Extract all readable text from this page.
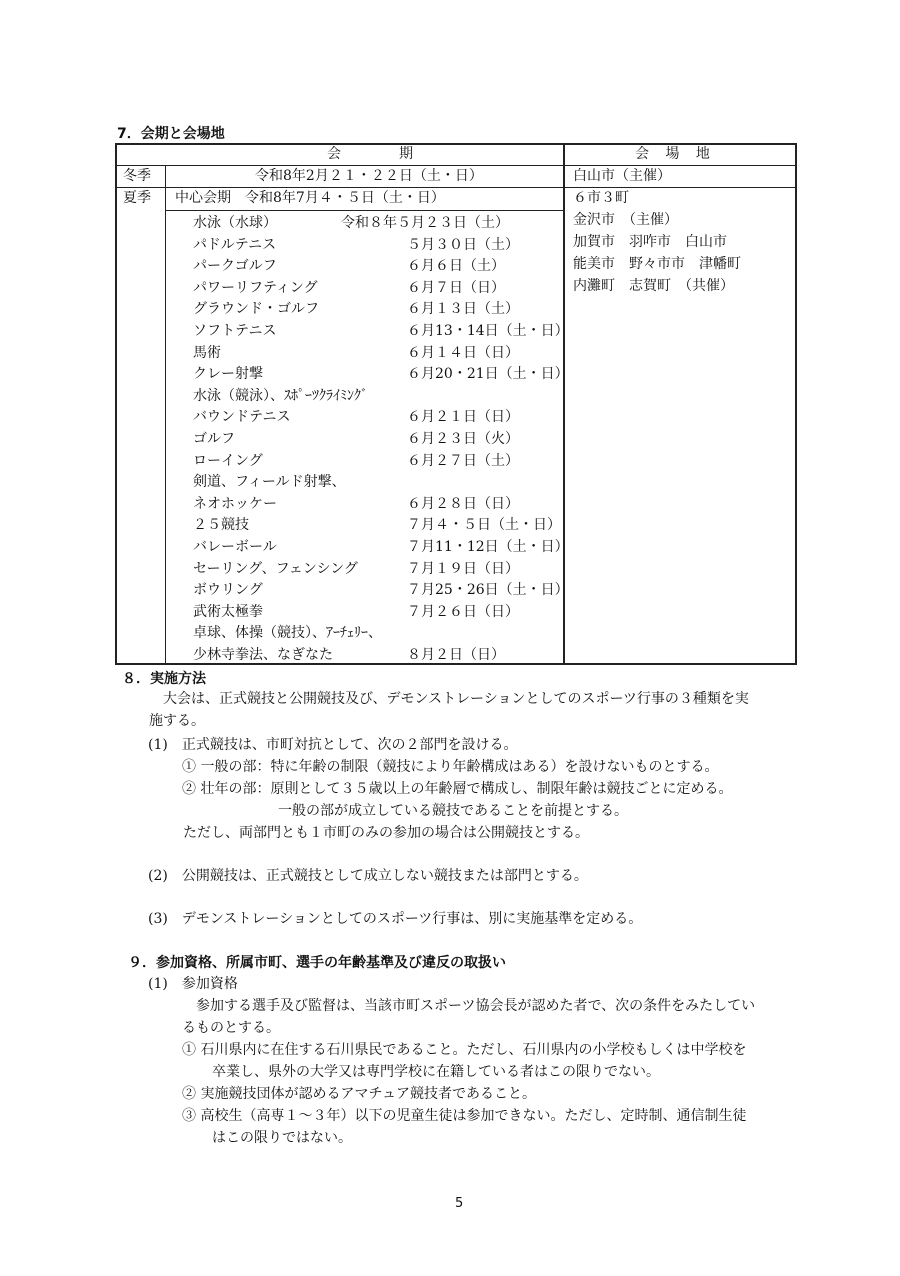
7．会期と会場地
会　期	会 場 地
冬季	令和8年2月２１・２２日（土・日）	白山市（主催）
夏季 中心会期　令和8年7月４・５日（土・日）	６市３町
金沢市　（主催）
加賀市　羽咋市　白山市
能美市　野々市市　津幡町
内灘町　志賀町　（共催）
水泳（水球）	令和８年５月２３日（土）
パドルテニス	５月３０日（土）
パークゴルフ	６月６日（土）
パワーリフティング	６月７日（日）
グラウンド・ゴルフ	６月１３日（土）
ソフトテニス	６月13・14日（土・日）
馬術	６月１４日（日）
クレー射撃	６月20・21日（土・日）
水泳（競泳）、ｽﾎﾟｰﾂｸﾗｲﾐﾝｸﾞ
バウンドテニス	６月２１日（日）
ゴルフ	６月２３日（火）
ローイング	６月２７日（土）
剣道、フィールド射撃、
ネオホッケー	６月２８日（日）
２５競技	７月４・５日（土・日）
バレーボール	７月11・12日（土・日）
セーリング、フェンシング	７月１９日（日）
ボウリング	７月25・26日（土・日）
武術太極拳	７月２６日（日）
卓球、体操（競技）、ｱｰﾁｪﾘｰ、
少林寺拳法、なぎなた	８月２日（日）
８．実施方法
大会は、正式競技と公開競技及び、デモンストレーションとしてのスポーツ行事の３種類を実
施する。
(1)　正式競技は、市町対抗として、次の２部門を設ける。
① 一般の部：特に年齢の制限（競技により年齢構成はある）を設けないものとする。
② 壮年の部：原則として３５歳以上の年齢層で構成し、制限年齢は競技ごとに定める。
一般の部が成立している競技であることを前提とする。
ただし、両部門とも１市町のみの参加の場合は公開競技とする。
(2)　公開競技は、正式競技として成立しない競技または部門とする。
(3)　デモンストレーションとしてのスポーツ行事は、別に実施基準を定める。
９．参加資格、所属市町、選手の年齢基準及び違反の取扱い
(1)　参加資格
参加する選手及び監督は、当該市町スポーツ協会長が認めた者で、次の条件をみたしてい
るものとする。
① 石川県内に在住する石川県民であること。ただし、石川県内の小学校もしくは中学校を
卒業し、県外の大学又は専門学校に在籍している者はこの限りでない。
② 実施競技団体が認めるアマチュア競技者であること。
③ 高校生（高専１～３年）以下の児童生徒は参加できない。ただし、定時制、通信制生徒
はこの限りではない。
5
